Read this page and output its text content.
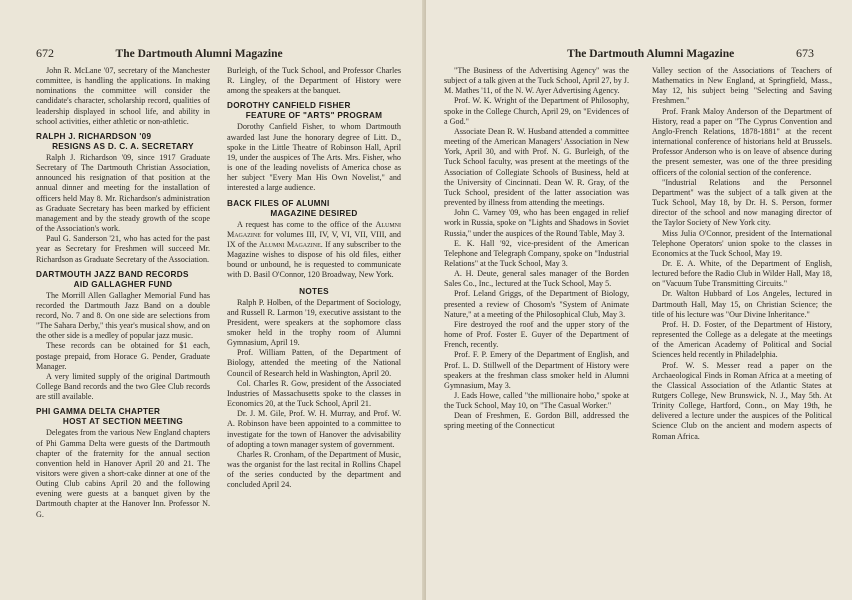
672	The Dartmouth Alumni Magazine

John R. McLane '07, secretary of the Manchester committee, is handling the applications. In making nominations the committee will consider the candidate's character, scholarship record, qualities of leadership displayed in school life, and ability in school activities, either athletic or non-athletic.

RALPH J. RICHARDSON '09
RESIGNS AS D. C. A. SECRETARY

Ralph J. Richardson '09, since 1917 Graduate Secretary of The Dartmouth Christian Association, announced his resignation of that position at the annual dinner and meeting for the installation of officers held May 8. Mr. Richardson's administration as Graduate Secretary has been marked by efficient management and by the steady growth of the scope of the Association's work.

Paul G. Sanderson '21, who has acted for the past year as Secretary for Freshmen will succeed Mr. Richardson as Graduate Secretary of the Association.

DARTMOUTH JAZZ BAND RECORDS
AID GALLAGHER FUND

The Morrill Allen Gallagher Memorial Fund has recorded the Dartmouth Jazz Band on a double record, No. 7 and 8. On one side are selections from "The Sahara Derby," this year's musical show, and on the other side is a medley of popular jazz music.

These records can be obtained for $1 each, postage prepaid, from Horace G. Pender, Graduate Manager.

A very limited supply of the original Dartmouth College Band records and the two Glee Club records are still available.

PHI GAMMA DELTA CHAPTER
HOST AT SECTION MEETING

Delegates from the various New England chapters of Phi Gamma Delta were guests of the Dartmouth chapter of the fraternity for the annual section convention held in Hanover April 20 and 21. The visitors were given a short-cake dinner at one of the Outing Club cabins April 20 and the following evening were guests at a banquet given by the Dartmouth chapter at the Hanover Inn. Professor N. G.

Burleigh, of the Tuck School, and Professor Charles R. Lingley, of the Department of History were among the speakers at the banquet.

DOROTHY CANFIELD FISHER
FEATURE OF "ARTS" PROGRAM

Dorothy Canfield Fisher, to whom Dartmouth awarded last June the honorary degree of Litt. D., spoke in the Little Theatre of Robinson Hall, April 19, under the auspices of The Arts. Mrs. Fisher, who is one of the leading novelists of America chose as her subject "Every Man His Own Novelist," and interested a large audience.

BACK FILES OF ALUMNI
MAGAZINE DESIRED

A request has come to the office of the Alumni Magazine for volumes III, IV, V, VI, VII, VIII, and IX of the Alumni Magazine. If any subscriber to the Magazine wishes to dispose of his old files, either bound or unbound, he is requested to communicate with D. Basil O'Connor, 120 Broadway, New York.

NOTES

Ralph P. Holben, of the Department of Sociology, and Russell R. Larmon '19, executive assistant to the President, were speakers at the sophomore class smoker held in the trophy room of Alumni Gymnasium, April 19.

Prof. William Patten, of the Department of Biology, attended the meeting of the National Council of Research held in Washington, April 20.

Col. Charles R. Gow, president of the Associated Industries of Massachusetts spoke to the classes in Economics 20, at the Tuck School, April 21.

Dr. J. M. Gile, Prof. W. H. Murray, and Prof. W. A. Robinson have been appointed to a committee to investigate for the town of Hanover the advisability of adopting a town manager system of government.

Charles R. Cronham, of the Department of Music, was the organist for the last recital in Rollins Chapel of the series conducted by the department and concluded April 24.

The Dartmouth Alumni Magazine	673

"The Business of the Advertising Agency" was the subject of a talk given at the Tuck School, April 27, by J. M. Mathes '11, of the N. W. Ayer Advertising Agency.

Prof. W. K. Wright of the Department of Philosophy, spoke in the College Church, April 29, on "Evidences of a God."

Associate Dean R. W. Husband attended a committee meeting of the American Managers' Association in New York, April 30, and with Prof. N. G. Burleigh, of the Tuck School faculty, was present at the meetings of the Association of Collegiate Schools of Business, held at the University of Cincinnati. Dean W. R. Gray, of the Tuck School, president of the latter association was prevented by illness from attending the meetings.

John C. Varney '09, who has been engaged in relief work in Russia, spoke on "Lights and Shadows in Soviet Russia," under the auspices of the Round Table, May 3.

E. K. Hall '92, vice-president of the American Telephone and Telegraph Company, spoke on "Industrial Relations" at the Tuck School, May 3.

A. H. Deute, general sales manager of the Borden Sales Co., Inc., lectured at the Tuck School, May 5.

Prof. Leland Griggs, of the Department of Biology, presented a review of Chosom's "System of Animate Nature," at a meeting of the Philosophical Club, May 3.

Fire destroyed the roof and the upper story of the home of Prof. Foster E. Guyer of the Department of French, recently.

Prof. F. P. Emery of the Department of English, and Prof. L. D. Stillwell of the Department of History were speakers at the freshman class smoker held in Alumni Gymnasium, May 3.

J. Eads Howe, called "the millionaire hobo," spoke at the Tuck School, May 10, on "The Casual Worker."

Dean of Freshmen, E. Gordon Bill, addressed the spring meeting of the Connecticut

Valley section of the Associations of Teachers of Mathematics in New England, at Springfield, Mass., May 12, his subject being "Selecting and Saving Freshmen."

Prof. Frank Maloy Anderson of the Department of History, read a paper on "The Cyprus Convention and Anglo-French Relations, 1878-1881" at the recent international conference of historians held at Brussels. Professor Anderson who is on leave of absence during the present semester, was one of the three presiding officers of the colonial section of the conference.

"Industrial Relations and the Personnel Department" was the subject of a talk given at the Tuck School, May 18, by Dr. H. S. Person, former director of the school and now managing director of the Taylor Society of New York city.

Miss Julia O'Connor, president of the International Telephone Operators' union spoke to the classes in Economics at the Tuck School, May 19.

Dr. E. A. White, of the Department of English, lectured before the Radio Club in Wilder Hall, May 18, on "Vacuum Tube Transmitting Circuits."

Dr. Walton Hubbard of Los Angeles, lectured in Dartmouth Hall, May 15, on Christian Science; the title of his lecture was "Our Divine Inheritance."

Prof. H. D. Foster, of the Department of History, represented the College as a delegate at the meetings of the American Academy of Political and Social Sciences held recently in Philadelphia.

Prof. W. S. Messer read a paper on the Archaeological Finds in Roman Africa at a meeting of the Classical Association of the Atlantic States at Rutgers College, New Brunswick, N. J., May 5th. At Trinity College, Hartford, Conn., on May 19th, he delivered a lecture under the auspices of the Political Science Club on the ancient and modern aspects of Roman Africa.
